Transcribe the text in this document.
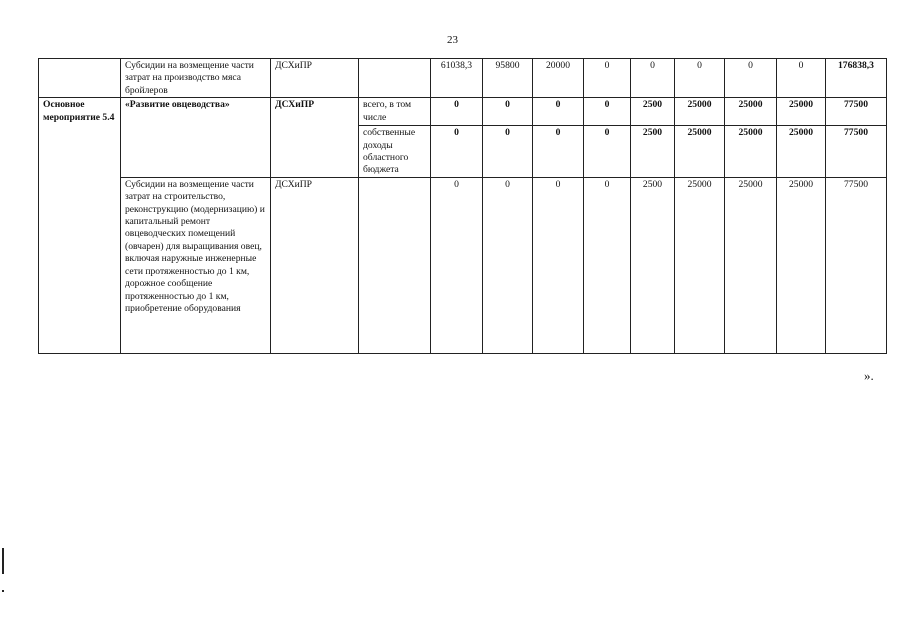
23
	Субсидии на возмещение части затрат на производство мяса бройлеров	ДСХиПР		61038,3	95800	20000	0	0	0	0	0	176838,3
Основное мероприятие 5.4	«Развитие овцеводства»	ДСХиПР	всего, в том числе	0	0	0	0	2500	25000	25000	25000	77500
			собственные доходы областного бюджета	0	0	0	0	2500	25000	25000	25000	77500
	Субсидии на возмещение части затрат на строительство, реконструкцию (модернизацию) и капитальный ремонт овцеводческих помещений (овчарен) для выращивания овец, включая наружные инженерные сети протяженностью до 1 км, дорожное сообщение протяженностью до 1 км, приобретение оборудования	ДСХиПР		0	0	0	0	2500	25000	25000	25000	77500
».
